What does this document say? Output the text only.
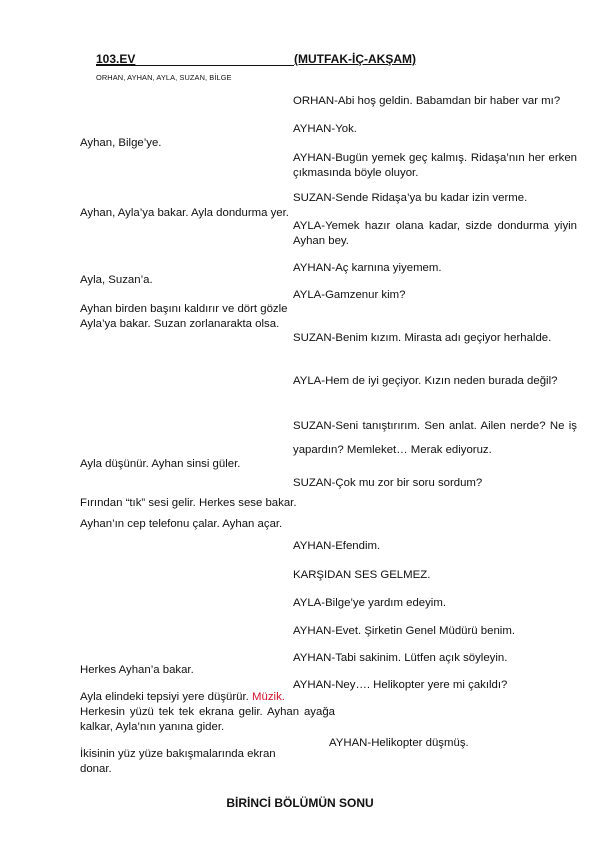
103.EV	(MUTFAK-İÇ-AKŞAM)
ORHAN, AYHAN, AYLA, SUZAN, BİLGE
ORHAN-Abi hoş geldin. Babamdan bir haber var mı?
AYHAN-Yok.
AYHAN-Bugün yemek geç kalmış. Ridaşa’nın her erken çıkmasında böyle oluyor.
SUZAN-Sende Ridaşa’ya bu kadar izin verme.
AYLA-Yemek hazır olana kadar, sizde dondurma yiyin Ayhan bey.
AYHAN-Aç karnına yiyemem.
AYLA-Gamzenur kim?
SUZAN-Benim kızım. Mirasta adı geçiyor herhalde.
AYLA-Hem de iyi geçiyor. Kızın neden burada değil?
SUZAN-Seni tanıştırırım. Sen anlat. Ailen nerde? Ne iş yapardın? Memleket… Merak ediyoruz.
SUZAN-Çok mu zor bir soru sordum?
AYHAN-Efendim.
KARŞIDAN SES GELMEZ.
AYLA-Bilge’ye yardım edeyim.
AYHAN-Evet. Şirketin Genel Müdürü benim.
AYHAN-Tabi sakinim. Lütfen açık söyleyin.
AYHAN-Ney…. Helikopter yere mi çakıldı?
AYHAN-Helikopter düşmüş.
Ayhan, Bilge’ye.
Ayhan, Ayla’ya bakar. Ayla dondurma yer.
Ayla, Suzan’a.
Ayhan birden başını kaldırır ve dört gözle Ayla’ya bakar. Suzan zorlanarakta olsa.
Ayla düşünür. Ayhan sinsi güler.
Fırından “tık” sesi gelir. Herkes sese bakar.
Ayhan’ın cep telefonu çalar. Ayhan açar.
Herkes Ayhan’a bakar.
Ayla elindeki tepsiyi yere düşürür. Müzik.
Herkesin yüzü tek tek ekrana gelir. Ayhan ayağa kalkar, Ayla’nın yanına gider.
İkisinin yüz yüze bakışmalarında ekran donar.
BİRİNCİ BÖLÜMÜN SONU
